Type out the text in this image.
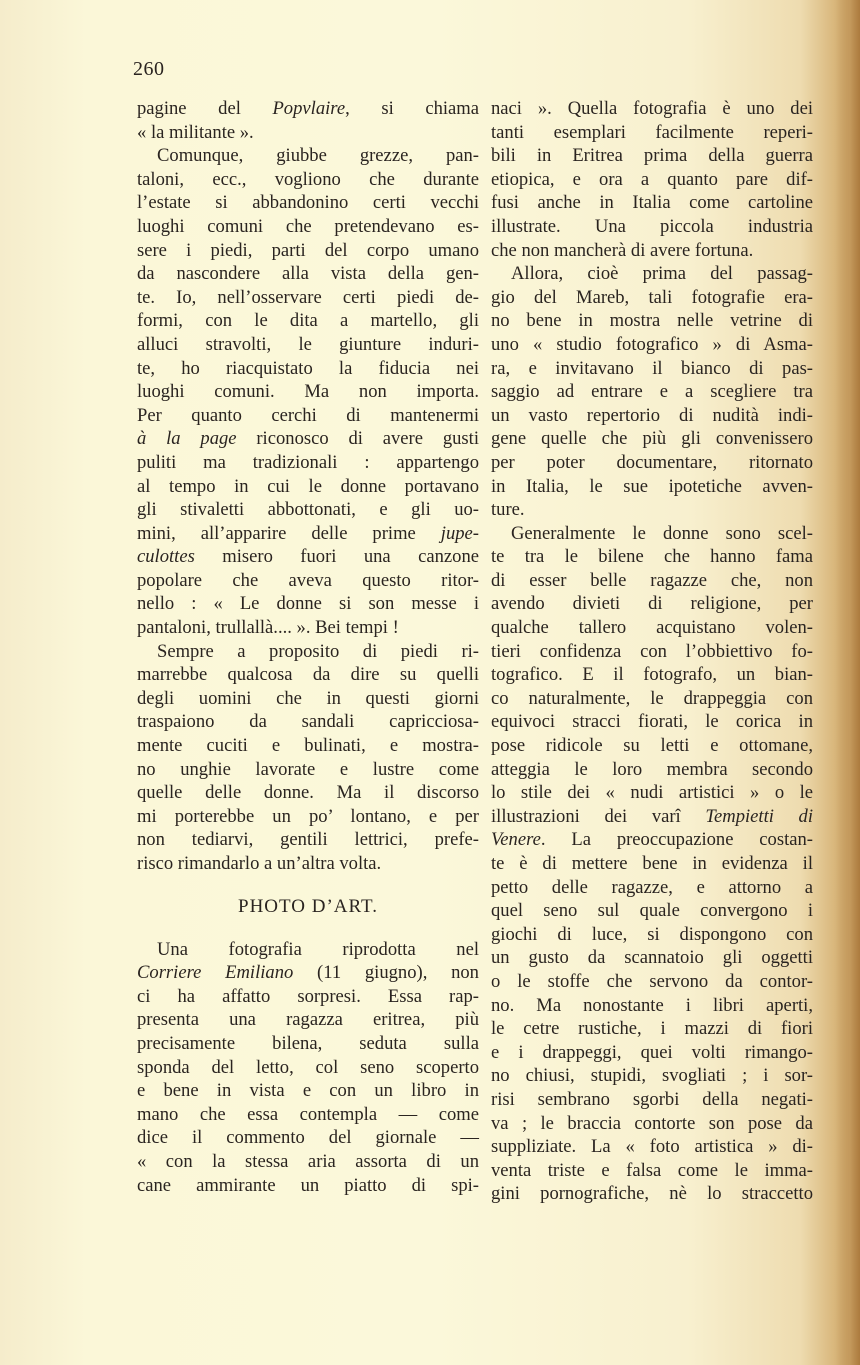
260
pagine del Popvlaire, si chiama
« la militante ».
Comunque, giubbe grezze, pan-
taloni, ecc., vogliono che durante
l’estate si abbandonino certi vecchi
luoghi comuni che pretendevano es-
sere i piedi, parti del corpo umano
da nascondere alla vista della gen-
te. Io, nell’osservare certi piedi de-
formi, con le dita a martello, gli
alluci stravolti, le giunture induri-
te, ho riacquistato la fiducia nei
luoghi comuni. Ma non importa.
Per quanto cerchi di mantenermi
à la page riconosco di avere gusti
puliti ma tradizionali : appartengo
al tempo in cui le donne portavano
gli stivaletti abbottonati, e gli uo-
mini, all’apparire delle prime jupe-
culottes misero fuori una canzone
popolare che aveva questo ritor-
nello : « Le donne si son messe i
pantaloni, trullallà.... ». Bei tempi !
Sempre a proposito di piedi ri-
marrebbe qualcosa da dire su quelli
degli uomini che in questi giorni
traspaiono da sandali capricciosa-
mente cuciti e bulinati, e mostra-
no unghie lavorate e lustre come
quelle delle donne. Ma il discorso
mi porterebbe un po’ lontano, e per
non tediarvi, gentili lettrici, prefe-
risco rimandarlo a un’altra volta.
PHOTO D’ART.
Una fotografia riprodotta nel
Corriere Emiliano (11 giugno), non
ci ha affatto sorpresi. Essa rap-
presenta una ragazza eritrea, più
precisamente bilena, seduta sulla
sponda del letto, col seno scoperto
e bene in vista e con un libro in
mano che essa contempla — come
dice il commento del giornale —
« con la stessa aria assorta di un
cane ammirante un piatto di spi-
naci ». Quella fotografia è uno dei
tanti esemplari facilmente reperi-
bili in Eritrea prima della guerra
etiopica, e ora a quanto pare dif-
fusi anche in Italia come cartoline
illustrate. Una piccola industria
che non mancherà di avere fortuna.
Allora, cioè prima del passag-
gio del Mareb, tali fotografie era-
no bene in mostra nelle vetrine di
uno « studio fotografico » di Asma-
ra, e invitavano il bianco di pas-
saggio ad entrare e a scegliere tra
un vasto repertorio di nudità indi-
gene quelle che più gli convenissero
per poter documentare, ritornato
in Italia, le sue ipotetiche avven-
ture.
Generalmente le donne sono scel-
te tra le bilene che hanno fama
di esser belle ragazze che, non
avendo divieti di religione, per
qualche tallero acquistano volen-
tieri confidenza con l’obbiettivo fo-
tografico. E il fotografo, un bian-
co naturalmente, le drappeggia con
equivoci stracci fiorati, le corica in
pose ridicole su letti e ottomane,
atteggia le loro membra secondo
lo stile dei « nudi artistici » o le
illustrazioni dei varî Tempietti di
Venere. La preoccupazione costan-
te è di mettere bene in evidenza il
petto delle ragazze, e attorno a
quel seno sul quale convergono i
giochi di luce, si dispongono con
un gusto da scannatoio gli oggetti
o le stoffe che servono da contor-
no. Ma nonostante i libri aperti,
le cetre rustiche, i mazzi di fiori
e i drappeggi, quei volti rimango-
no chiusi, stupidi, svogliati ; i sor-
risi sembrano sgorbi della negati-
va ; le braccia contorte son pose da
suppliziate. La « foto artistica » di-
venta triste e falsa come le imma-
gini pornografiche, nè lo straccetto
